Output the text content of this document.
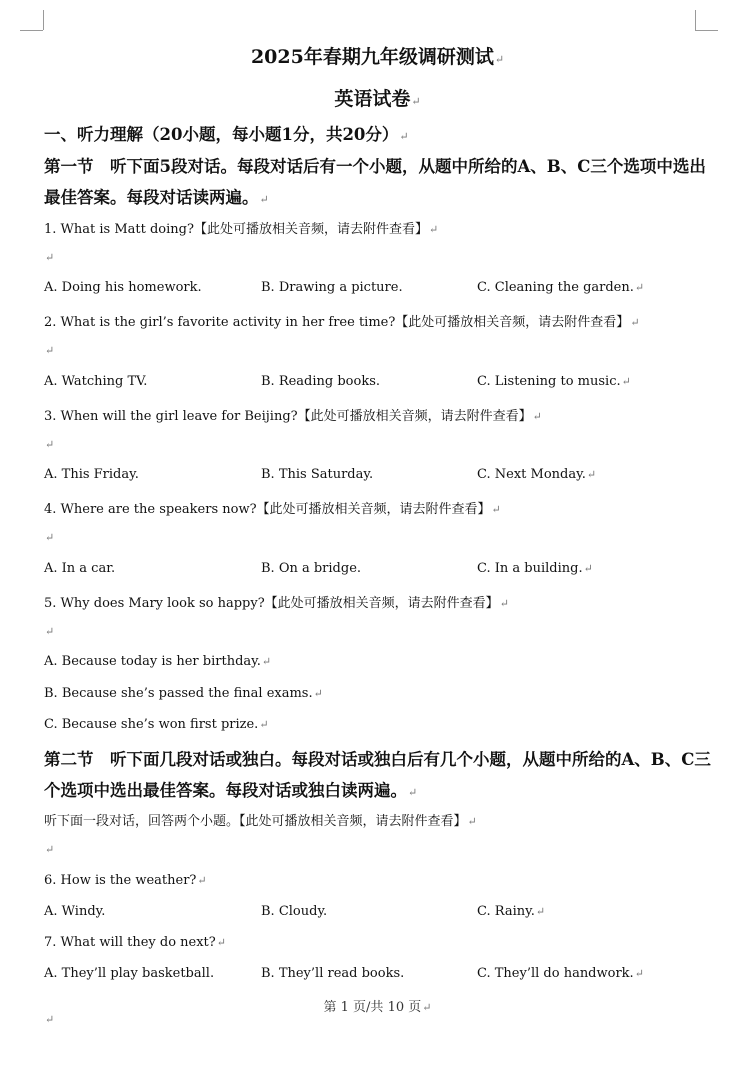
2025年春期九年级调研测试↵
英语试卷↵
一、听力理解（20小题，每小题1分，共20分）↵
第一节　听下面5段对话。每段对话后有一个小题，从题中所给的A、B、C三个选项中选出
最佳答案。每段对话读两遍。↵
1. What is Matt doing?【此处可播放相关音频，请去附件查看】↵
↵
A. Doing his homework.	B. Drawing a picture.	C. Cleaning the garden.↵
2. What is the girl’s favorite activity in her free time?【此处可播放相关音频，请去附件查看】↵
↵
A. Watching TV.	B. Reading books.	C. Listening to music.↵
3. When will the girl leave for Beijing?【此处可播放相关音频，请去附件查看】↵
↵
A. This Friday.	B. This Saturday.	C. Next Monday.↵
4. Where are the speakers now?【此处可播放相关音频，请去附件查看】↵
↵
A. In a car.	B. On a bridge.	C. In a building.↵
5. Why does Mary look so happy?【此处可播放相关音频，请去附件查看】↵
↵
A. Because today is her birthday.↵
B. Because she’s passed the final exams.↵
C. Because she’s won first prize.↵
第二节　听下面几段对话或独白。每段对话或独白后有几个小题，从题中所给的A、B、C三
个选项中选出最佳答案。每段对话或独白读两遍。↵
听下面一段对话，回答两个小题。【此处可播放相关音频，请去附件查看】↵
↵
6. How is the weather?↵
A. Windy.	B. Cloudy.	C. Rainy.↵
7. What will they do next?↵
A. They’ll play basketball.	B. They’ll read books.	C. They’ll do handwork.↵
第 1 页/共 10 页↵
↵
